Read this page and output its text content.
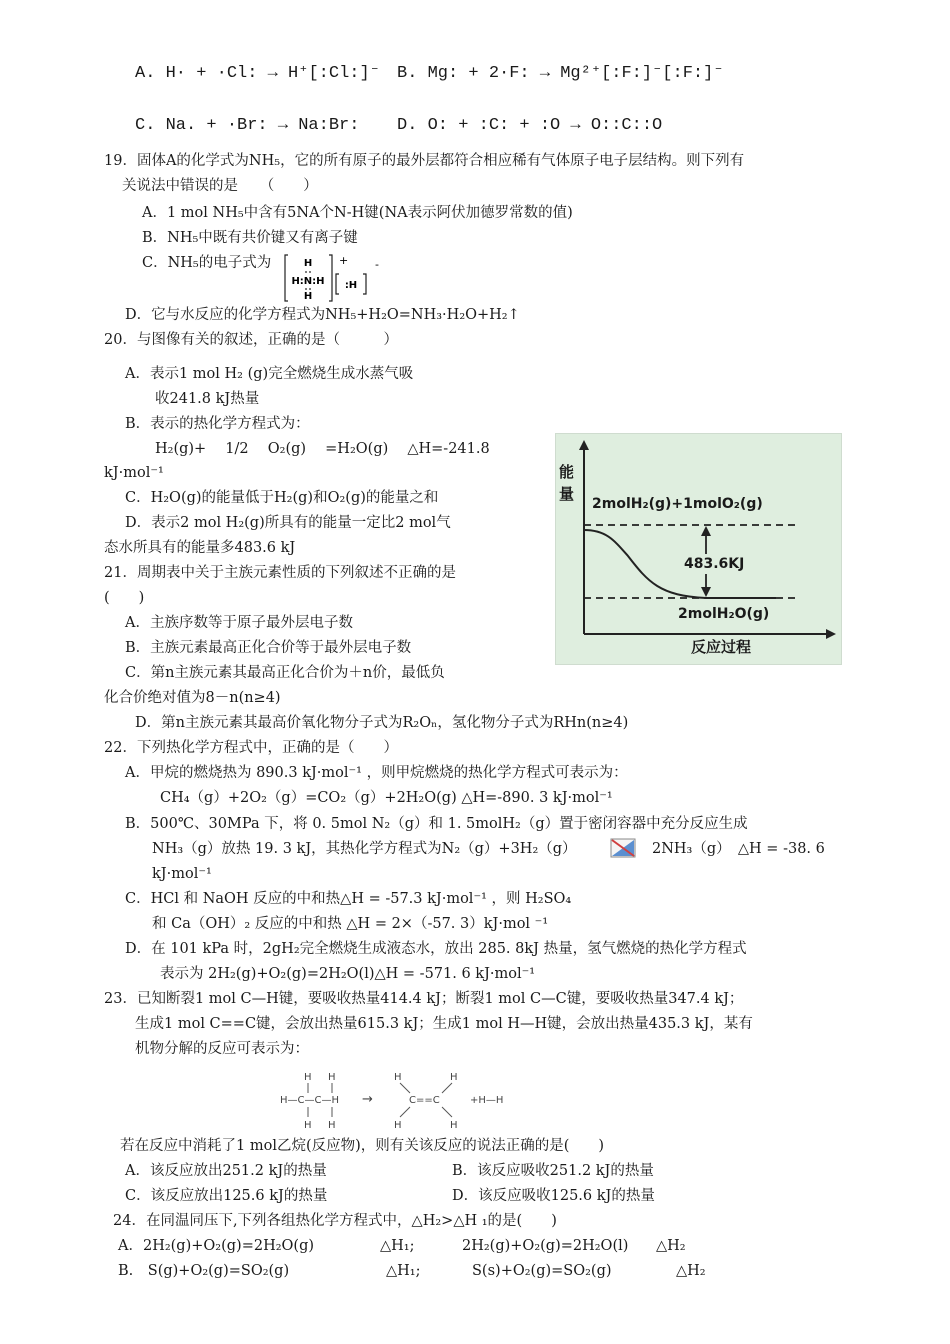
A. H· + ·Cl: → H⁺[:Cl:]⁻ B. Mg: + 2·F: → Mg²⁺[:F:]⁻[:F:]⁻
C. Na. + ·Br: → Na:Br: D. O: + :C: + :O → O::C::O
19．固体A的化学式为NH₅，它的所有原子的最外层都符合相应稀有气体原子电子层结构。则下列有
关说法中错误的是　　（　　）
A．1 mol NH₅中含有5NA个N-H键(NA表示阿伏加德罗常数的值)
B．NH₅中既有共价键又有离子键
C．NH₅的电子式为	H
H:N:H
H
+
:H
-
D．它与水反应的化学方程式为NH₅+H₂O=NH₃·H₂O+H₂↑
20．与图像有关的叙述，正确的是（　　　）
A．表示1 mol H₂ (g)完全燃烧生成水蒸气吸
收241.8 kJ热量
B．表示的热化学方程式为：
H₂(g)+　 1/2　 O₂(g)　 =H₂O(g)　 △H=-241.8
kJ·mol⁻¹
C．H₂O(g)的能量低于H₂(g)和O₂(g)的能量之和
D．表示2 mol H₂(g)所具有的能量一定比2 mol气
态水所具有的能量多483.6 kJ
能
量
2molH₂(g)+1molO₂(g)
483.6KJ
2molH₂O(g)
反应过程
21．周期表中关于主族元素性质的下列叙述不正确的是
(　　)
A．主族序数等于原子最外层电子数
B．主族元素最高正化合价等于最外层电子数
C．第n主族元素其最高正化合价为＋n价，最低负
化合价绝对值为8－n(n≥4)
D．第n主族元素其最高价氧化物分子式为R₂Oₙ，氢化物分子式为RHn(n≥4)
22．下列热化学方程式中，正确的是（　　）
A．甲烷的燃烧热为 890.3 kJ·mol⁻¹ ，则甲烷燃烧的热化学方程式可表示为：
CH₄（g）+2O₂（g）=CO₂（g）+2H₂O(g) △H=-890. 3 kJ·mol⁻¹
B．500℃、30MPa 下，将 0. 5mol N₂（g）和 1. 5molH₂（g）置于密闭容器中充分反应生成
NH₃（g）放热 19. 3 kJ，其热化学方程式为N₂（g）+3H₂（g）	2NH₃（g）　△H = -38. 6
kJ·mol⁻¹
C．HCl 和 NaOH 反应的中和热△H = -57.3 kJ·mol⁻¹ ，则 H₂SO₄
和 Ca（OH）₂ 反应的中和热 △H = 2×（-57. 3）kJ·mol ⁻¹
D．在 101 kPa 时，2gH₂完全燃烧生成液态水，放出 285. 8kJ 热量，氢气燃烧的热化学方程式
表示为 2H₂(g)+O₂(g)=2H₂O(l)△H = -571. 6 kJ·mol⁻¹
23．已知断裂1 mol C—H键，要吸收热量414.4 kJ；断裂1 mol C—C键，要吸收热量347.4 kJ；
生成1 mol C==C键，会放出热量615.3 kJ；生成1 mol H—H键，会放出热量435.3 kJ，某有
机物分解的反应可表示为：
H H
H—C—C—H
H H
→
H	H
C==C
H	H
+H—H
若在反应中消耗了1 mol乙烷(反应物)，则有关该反应的说法正确的是(　　)
A．该反应放出251.2 kJ的热量	B．该反应吸收251.2 kJ的热量
C．该反应放出125.6 kJ的热量	D．该反应吸收125.6 kJ的热量
24．在同温同压下,下列各组热化学方程式中，△H₂>△H ₁的是(　　)
A．2H₂(g)+O₂(g)=2H₂O(g)	△H₁;	2H₂(g)+O₂(g)=2H₂O(l) △H₂
B.　S(g)+O₂(g)=SO₂(g)	△H₁;	S(s)+O₂(g)=SO₂(g)	△H₂
